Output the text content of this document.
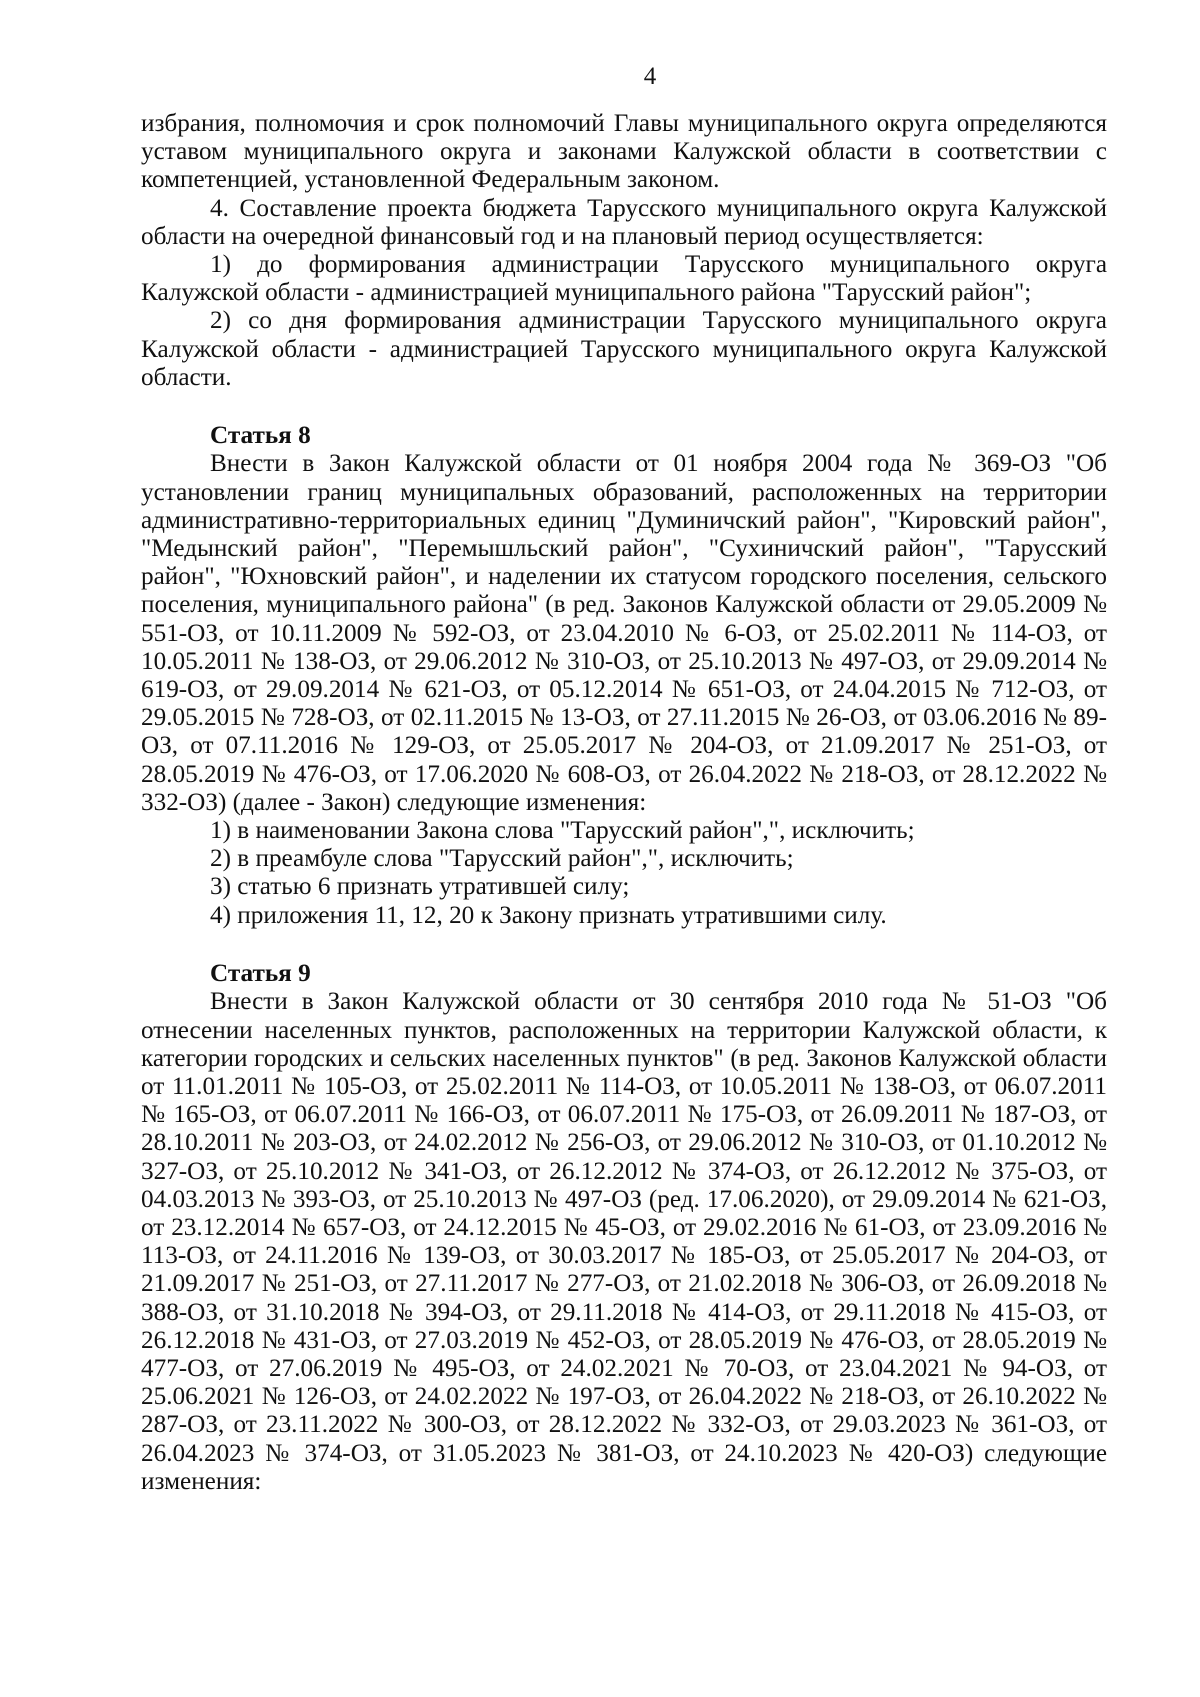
4

избрания, полномочия и срок полномочий Главы муниципального округа определяются уставом муниципального округа и законами Калужской области в соответствии с компетенцией, установленной Федеральным законом.

4. Составление проекта бюджета Тарусского муниципального округа Калужской области на очередной финансовый год и на плановый период осуществляется:

1) до формирования администрации Тарусского муниципального округа Калужской области - администрацией муниципального района "Тарусский район";

2) со дня формирования администрации Тарусского муниципального округа Калужской области - администрацией Тарусского муниципального округа Калужской области.

Статья 8

Внести в Закон Калужской области от 01 ноября 2004 года № 369-ОЗ "Об установлении границ муниципальных образований, расположенных на территории административно-территориальных единиц "Думиничский район", "Кировский район", "Медынский район", "Перемышльский район", "Сухиничский район", "Тарусский район", "Юхновский район", и наделении их статусом городского поселения, сельского поселения, муниципального района" (в ред. Законов Калужской области от 29.05.2009 № 551-ОЗ, от 10.11.2009 № 592-ОЗ, от 23.04.2010 № 6-ОЗ, от 25.02.2011 № 114-ОЗ, от 10.05.2011 № 138-ОЗ, от 29.06.2012 № 310-ОЗ, от 25.10.2013 № 497-ОЗ, от 29.09.2014 № 619-ОЗ, от 29.09.2014 № 621-ОЗ, от 05.12.2014 № 651-ОЗ, от 24.04.2015 № 712-ОЗ, от 29.05.2015 № 728-ОЗ, от 02.11.2015 № 13-ОЗ, от 27.11.2015 № 26-ОЗ, от 03.06.2016 № 89-ОЗ, от 07.11.2016 № 129-ОЗ, от 25.05.2017 № 204-ОЗ, от 21.09.2017 № 251-ОЗ, от 28.05.2019 № 476-ОЗ, от 17.06.2020 № 608-ОЗ, от 26.04.2022 № 218-ОЗ, от 28.12.2022 № 332-ОЗ) (далее - Закон) следующие изменения:

1) в наименовании Закона слова "Тарусский район",", исключить;

2) в преамбуле слова "Тарусский район",", исключить;

3) статью 6 признать утратившей силу;

4) приложения 11, 12, 20 к Закону признать утратившими силу.

Статья 9

Внести в Закон Калужской области от 30 сентября 2010 года № 51-ОЗ "Об отнесении населенных пунктов, расположенных на территории Калужской области, к категории городских и сельских населенных пунктов" (в ред. Законов Калужской области от 11.01.2011 № 105-ОЗ, от 25.02.2011 № 114-ОЗ, от 10.05.2011 № 138-ОЗ, от 06.07.2011 № 165-ОЗ, от 06.07.2011 № 166-ОЗ, от 06.07.2011 № 175-ОЗ, от 26.09.2011 № 187-ОЗ, от 28.10.2011 № 203-ОЗ, от 24.02.2012 № 256-ОЗ, от 29.06.2012 № 310-ОЗ, от 01.10.2012 № 327-ОЗ, от 25.10.2012 № 341-ОЗ, от 26.12.2012 № 374-ОЗ, от 26.12.2012 № 375-ОЗ, от 04.03.2013 № 393-ОЗ, от 25.10.2013 № 497-ОЗ (ред. 17.06.2020), от 29.09.2014 № 621-ОЗ, от 23.12.2014 № 657-ОЗ, от 24.12.2015 № 45-ОЗ, от 29.02.2016 № 61-ОЗ, от 23.09.2016 № 113-ОЗ, от 24.11.2016 № 139-ОЗ, от 30.03.2017 № 185-ОЗ, от 25.05.2017 № 204-ОЗ, от 21.09.2017 № 251-ОЗ, от 27.11.2017 № 277-ОЗ, от 21.02.2018 № 306-ОЗ, от 26.09.2018 № 388-ОЗ, от 31.10.2018 № 394-ОЗ, от 29.11.2018 № 414-ОЗ, от 29.11.2018 № 415-ОЗ, от 26.12.2018 № 431-ОЗ, от 27.03.2019 № 452-ОЗ, от 28.05.2019 № 476-ОЗ, от 28.05.2019 № 477-ОЗ, от 27.06.2019 № 495-ОЗ, от 24.02.2021 № 70-ОЗ, от 23.04.2021 № 94-ОЗ, от 25.06.2021 № 126-ОЗ, от 24.02.2022 № 197-ОЗ, от 26.04.2022 № 218-ОЗ, от 26.10.2022 № 287-ОЗ, от 23.11.2022 № 300-ОЗ, от 28.12.2022 № 332-ОЗ, от 29.03.2023 № 361-ОЗ, от 26.04.2023 № 374-ОЗ, от 31.05.2023 № 381-ОЗ, от 24.10.2023 № 420-ОЗ) следующие изменения:
